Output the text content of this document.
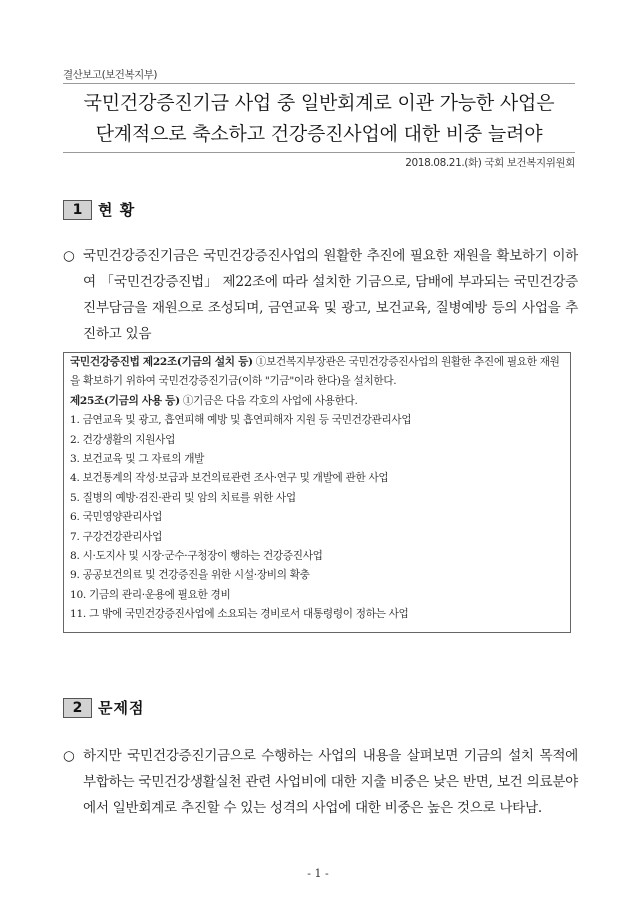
결산보고(보건복지부)
국민건강증진기금 사업 중 일반회계로 이관 가능한 사업은
단계적으로 축소하고 건강증진사업에 대한 비중 늘려야
2018.08.21.(화) 국회 보건복지위원회
1	현 황
○ 국민건강증진기금은 국민건강증진사업의 원활한 추진에 필요한 재원을 확보하기 이하여 「국민건강증진법」 제22조에 따라 설치한 기금으로, 담배에 부과되는 국민건강증진부담금을 재원으로 조성되며, 금연교육 및 광고, 보건교육, 질병예방 등의 사업을 추진하고 있음
국민건강증진법 제22조(기금의 설치 등) ①보건복지부장관은 국민건강증진사업의 원활한 추진에 필요한 재원
을 확보하기 위하여 국민건강증진기금(이하 "기금"이라 한다)을 설치한다.
제25조(기금의 사용 등) ①기금은 다음 각호의 사업에 사용한다.
1. 금연교육 및 광고, 흡연피해 예방 및 흡연피해자 지원 등 국민건강관리사업
2. 건강생활의 지원사업
3. 보건교육 및 그 자료의 개발
4. 보건통계의 작성·보급과 보건의료관련 조사·연구 및 개발에 관한 사업
5. 질병의 예방·검진·관리 및 암의 치료를 위한 사업
6. 국민영양관리사업
7. 구강건강관리사업
8. 시·도지사 및 시장·군수·구청장이 행하는 건강증진사업
9. 공공보건의료 및 건강증진을 위한 시설·장비의 확충
10. 기금의 관리·운용에 필요한 경비
11. 그 밖에 국민건강증진사업에 소요되는 경비로서 대통령령이 정하는 사업
2	문제점
○ 하지만 국민건강증진기금으로 수행하는 사업의 내용을 살펴보면 기금의 설치 목적에 부합하는 국민건강생활실천 관련 사업비에 대한 지출 비중은 낮은 반면, 보건 의료분야에서 일반회계로 추진할 수 있는 성격의 사업에 대한 비중은 높은 것으로 나타남.
- 1 -
